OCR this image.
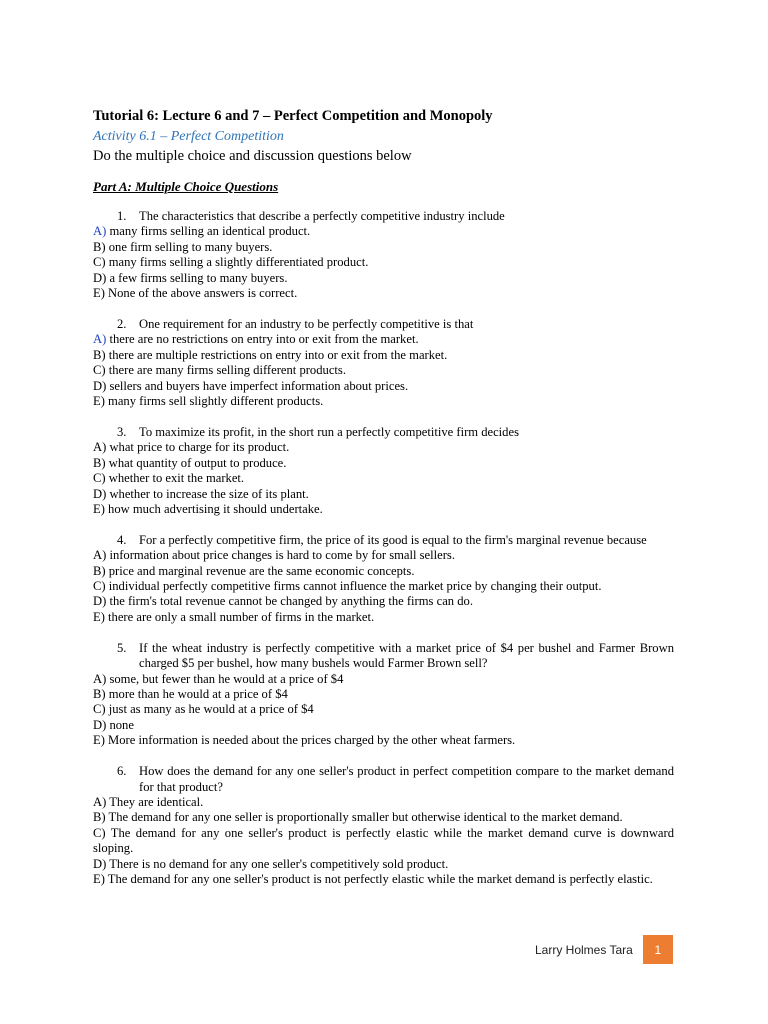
Tutorial 6: Lecture 6 and 7 – Perfect Competition and Monopoly
Activity 6.1 – Perfect Competition
Do the multiple choice and discussion questions below
Part A: Multiple Choice Questions
1. The characteristics that describe a perfectly competitive industry include
A) many firms selling an identical product.
B) one firm selling to many buyers.
C) many firms selling a slightly differentiated product.
D) a few firms selling to many buyers.
E) None of the above answers is correct.
2. One requirement for an industry to be perfectly competitive is that
A) there are no restrictions on entry into or exit from the market.
B) there are multiple restrictions on entry into or exit from the market.
C) there are many firms selling different products.
D) sellers and buyers have imperfect information about prices.
E) many firms sell slightly different products.
3. To maximize its profit, in the short run a perfectly competitive firm decides
A) what price to charge for its product.
B) what quantity of output to produce.
C) whether to exit the market.
D) whether to increase the size of its plant.
E) how much advertising it should undertake.
4. For a perfectly competitive firm, the price of its good is equal to the firm's marginal revenue because
A) information about price changes is hard to come by for small sellers.
B) price and marginal revenue are the same economic concepts.
C) individual perfectly competitive firms cannot influence the market price by changing their output.
D) the firm's total revenue cannot be changed by anything the firms can do.
E) there are only a small number of firms in the market.
5. If the wheat industry is perfectly competitive with a market price of $4 per bushel and Farmer Brown charged $5 per bushel, how many bushels would Farmer Brown sell?
A) some, but fewer than he would at a price of $4
B) more than he would at a price of $4
C) just as many as he would at a price of $4
D) none
E) More information is needed about the prices charged by the other wheat farmers.
6. How does the demand for any one seller's product in perfect competition compare to the market demand for that product?
A) They are identical.
B) The demand for any one seller is proportionally smaller but otherwise identical to the market demand.
C) The demand for any one seller's product is perfectly elastic while the market demand curve is downward sloping.
D) There is no demand for any one seller's competitively sold product.
E) The demand for any one seller's product is not perfectly elastic while the market demand is perfectly elastic.
Larry Holmes Tara	1
